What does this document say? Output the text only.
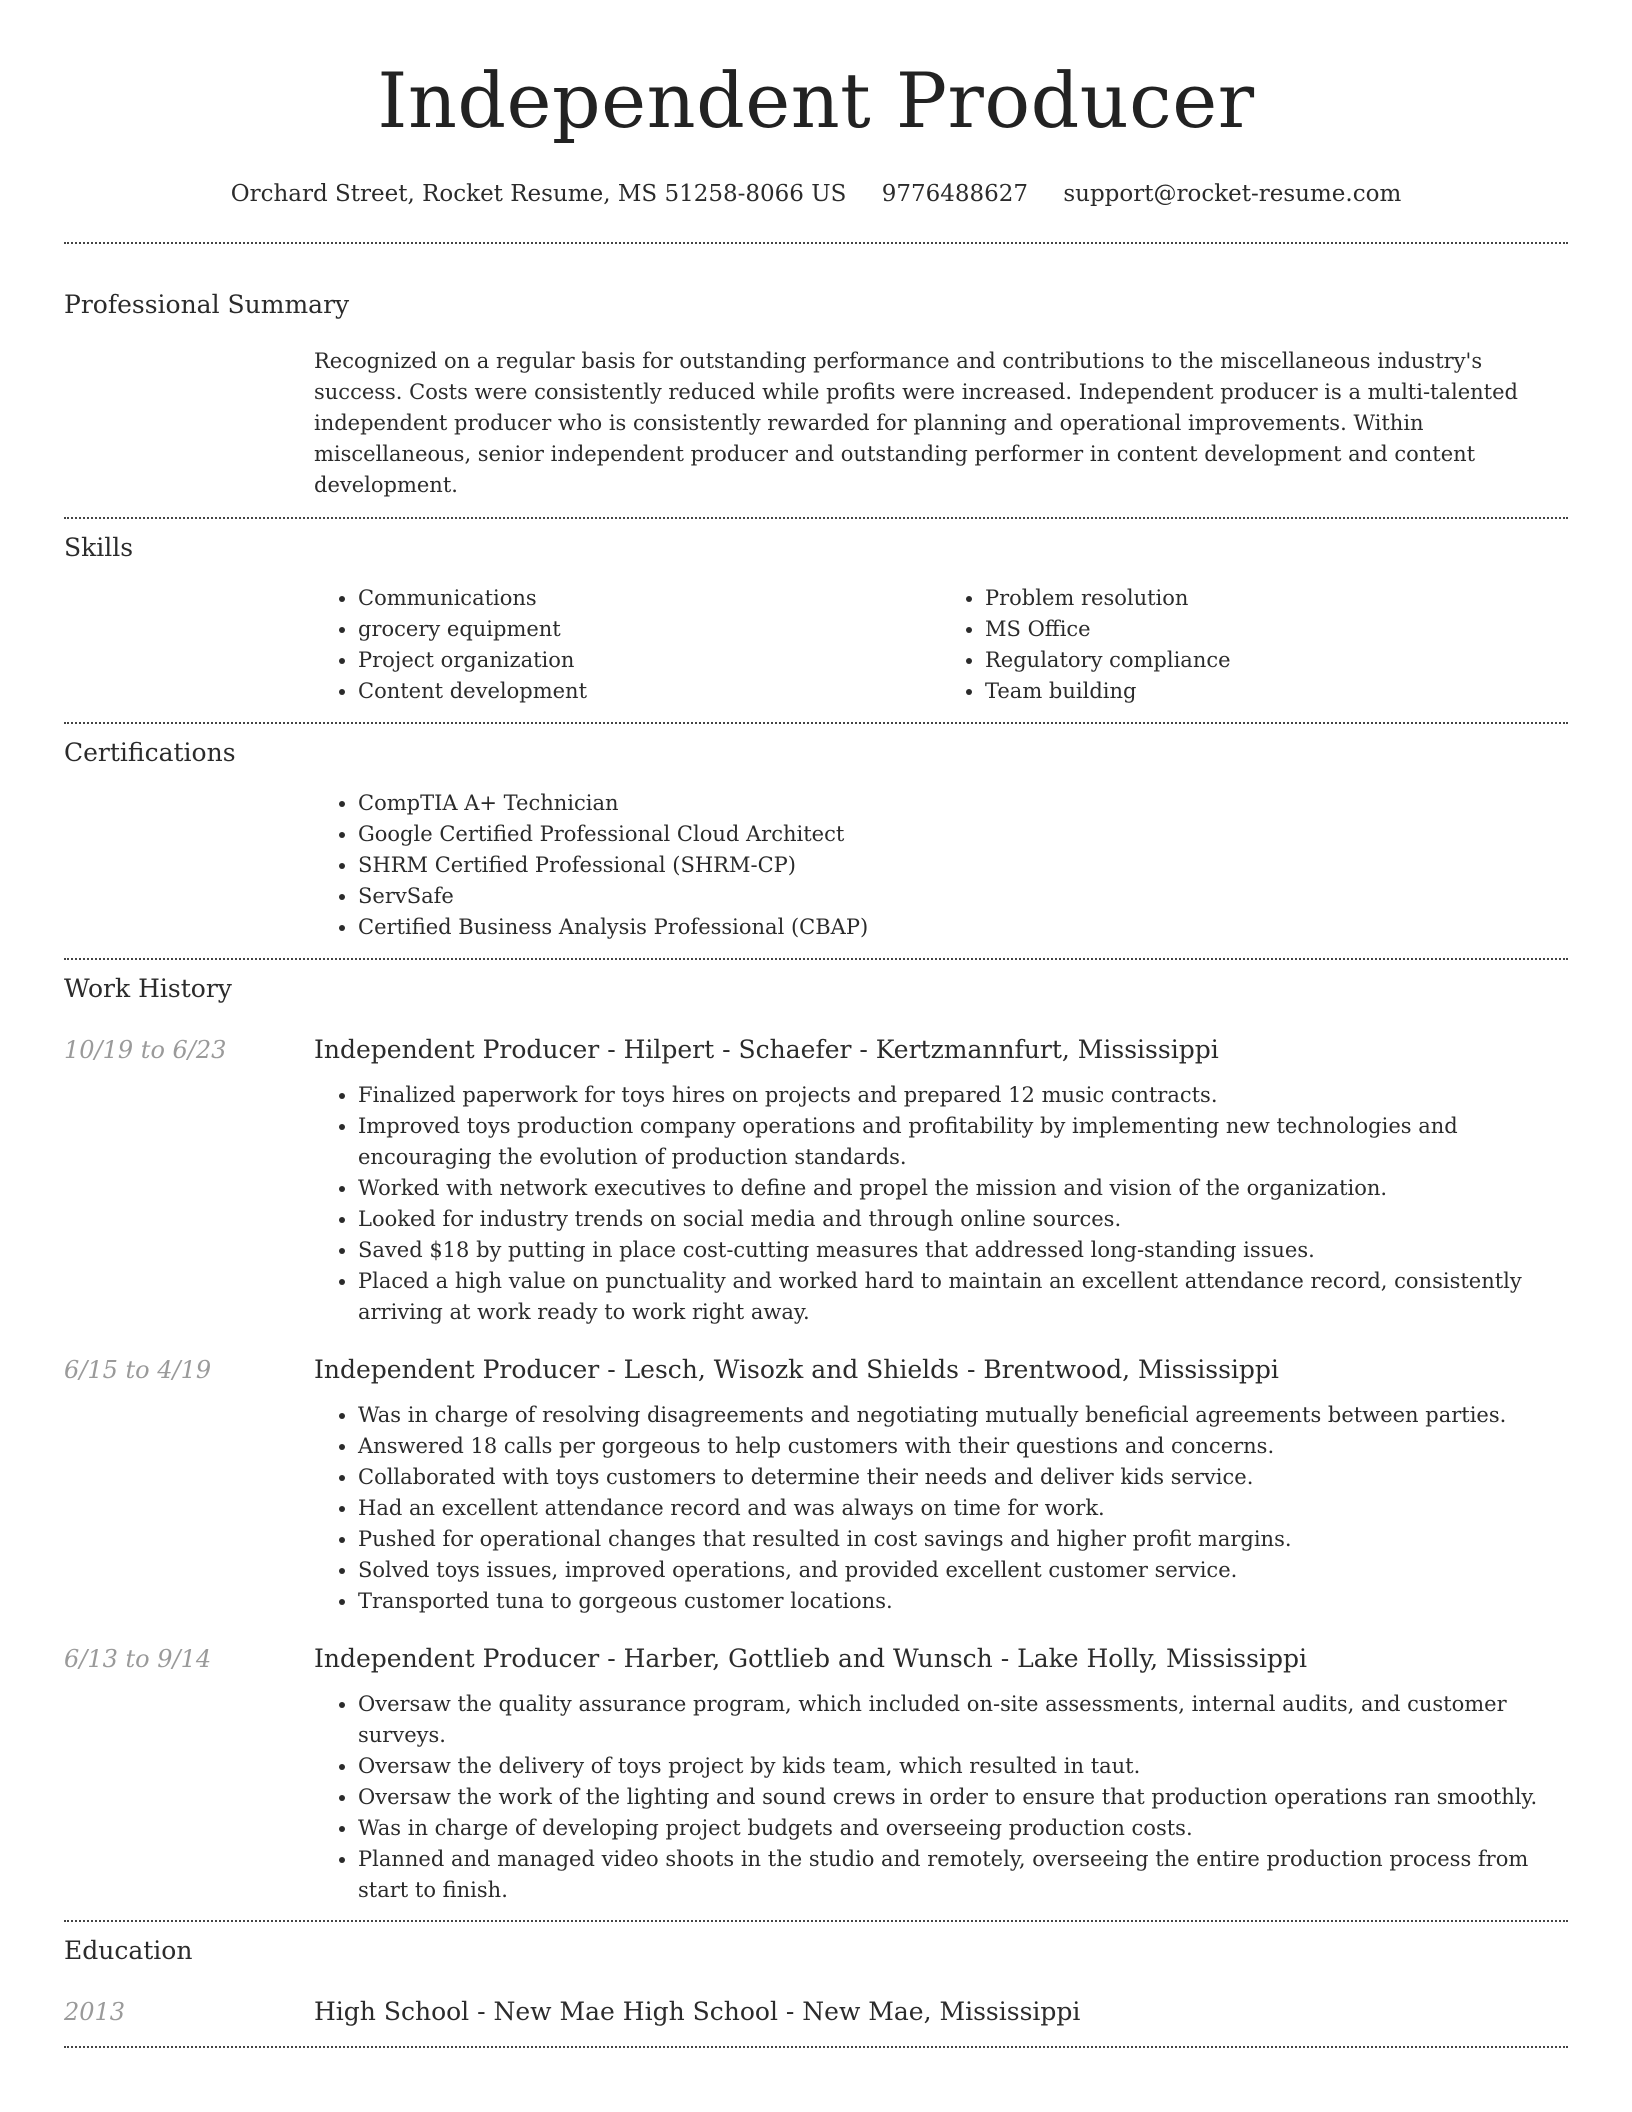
Independent Producer
Orchard Street, Rocket Resume, MS 51258-8066 US 9776488627 support@rocket-resume.com
Professional Summary
Recognized on a regular basis for outstanding performance and contributions to the miscellaneous industry's success. Costs were consistently reduced while profits were increased. Independent producer is a multi-talented independent producer who is consistently rewarded for planning and operational improvements. Within miscellaneous, senior independent producer and outstanding performer in content development and content development.
Skills
• Communications
• grocery equipment
• Project organization
• Content development
• Problem resolution
• MS Office
• Regulatory compliance
• Team building
Certifications
• CompTIA A+ Technician
• Google Certified Professional Cloud Architect
• SHRM Certified Professional (SHRM-CP)
• ServSafe
• Certified Business Analysis Professional (CBAP)
Work History
10/19 to 6/23	Independent Producer - Hilpert - Schaefer - Kertzmannfurt, Mississippi
• Finalized paperwork for toys hires on projects and prepared 12 music contracts.
• Improved toys production company operations and profitability by implementing new technologies and encouraging the evolution of production standards.
• Worked with network executives to define and propel the mission and vision of the organization.
• Looked for industry trends on social media and through online sources.
• Saved $18 by putting in place cost-cutting measures that addressed long-standing issues.
• Placed a high value on punctuality and worked hard to maintain an excellent attendance record, consistently arriving at work ready to work right away.
6/15 to 4/19	Independent Producer - Lesch, Wisozk and Shields - Brentwood, Mississippi
• Was in charge of resolving disagreements and negotiating mutually beneficial agreements between parties.
• Answered 18 calls per gorgeous to help customers with their questions and concerns.
• Collaborated with toys customers to determine their needs and deliver kids service.
• Had an excellent attendance record and was always on time for work.
• Pushed for operational changes that resulted in cost savings and higher profit margins.
• Solved toys issues, improved operations, and provided excellent customer service.
• Transported tuna to gorgeous customer locations.
6/13 to 9/14	Independent Producer - Harber, Gottlieb and Wunsch - Lake Holly, Mississippi
• Oversaw the quality assurance program, which included on-site assessments, internal audits, and customer surveys.
• Oversaw the delivery of toys project by kids team, which resulted in taut.
• Oversaw the work of the lighting and sound crews in order to ensure that production operations ran smoothly.
• Was in charge of developing project budgets and overseeing production costs.
• Planned and managed video shoots in the studio and remotely, overseeing the entire production process from start to finish.
Education
2013	High School - New Mae High School - New Mae, Mississippi
